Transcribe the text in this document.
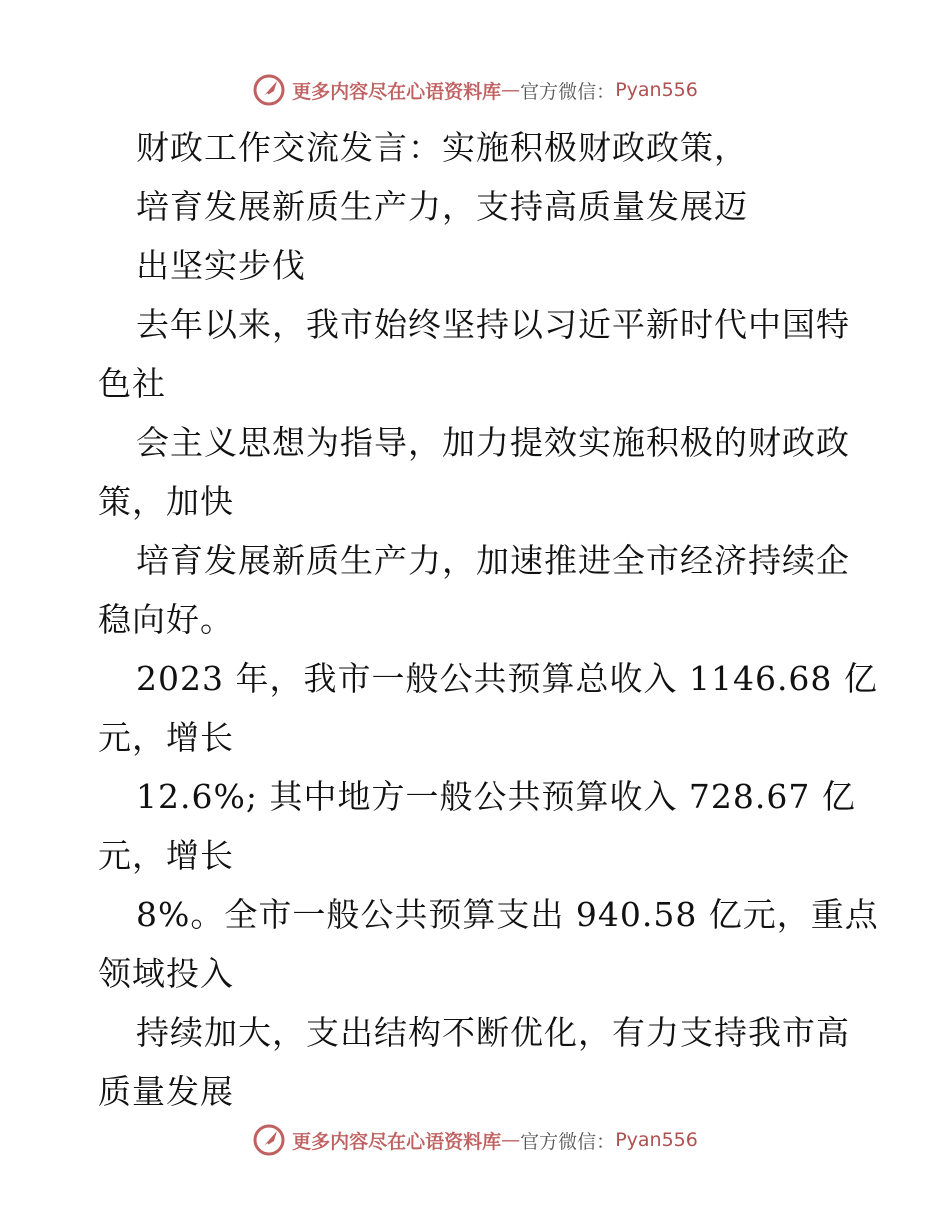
更多内容尽在心语资料库 — 官方微信： Pyan556
财政工作交流发言：实施积极财政政策，
培育发展新质生产力，支持高质量发展迈
出坚实步伐
去年以来，我市始终坚持以习近平新时代中国特
色社
会主义思想为指导，加力提效实施积极的财政政
策，加快
培育发展新质生产力，加速推进全市经济持续企
稳向好。
2023 年，我市一般公共预算总收入 1146.68 亿
元，增长
12.6%; 其中地方一般公共预算收入 728.67 亿
元，增长
8%。全市一般公共预算支出 940.58 亿元，重点
领域投入
持续加大，支出结构不断优化，有力支持我市高
质量发展
更多内容尽在心语资料库 — 官方微信： Pyan556
